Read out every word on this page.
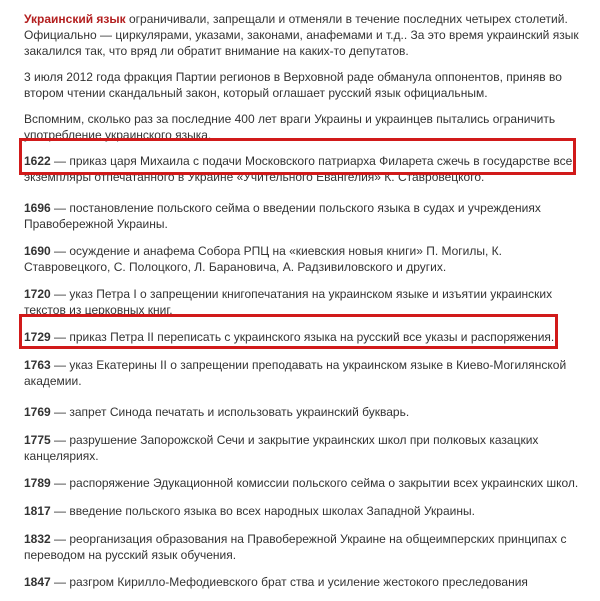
Украинский язык ограничивали, запрещали и отменяли в течение последних четырех столетий. Официально — циркулярами, указами, законами, анафемами и т.д.. За это время украинский язык закалился так, что вряд ли обратит внимание на каких-то депутатов.

3 июля 2012 года фракция Партии регионов в Верховной раде обманула оппонентов, приняв во втором чтении скандальный закон, который оглашает русский язык официальным.

Вспомним, сколько раз за последние 400 лет враги Украины и украинцев пытались ограничить употребление украинского языка.

1622 — приказ царя Михаила с подачи Московского патриарха Филарета сжечь в государстве все экземпляры отпечатанного в Украине «Учительного Евангелия» К. Ставровецкого.

1696 — постановление польского сейма о введении польского языка в судах и учреждениях Правобережной Украины.

1690 — осуждение и анафема Собора РПЦ на «киевския новыя книги» П. Могилы, К. Ставровецкого, С. Полоцкого, Л. Барановича, А. Радзивиловского и других.

1720 — указ Петра I о запрещении книгопечатания на украинском языке и изъятии украинских текстов из церковных книг.

1729 — приказ Петра II переписать с украинского языка на русский все указы и распоряжения.

1763 — указ Екатерины II о запрещении преподавать на украинском языке в Киево-Могилянской академии.

1769 — запрет Синода печатать и использовать украинский букварь.

1775 — разрушение Запорожской Сечи и закрытие украинских школ при полковых казацких канцеляриях.

1789 — распоряжение Эдукационной комиссии польского сейма о закрытии всех украинских школ.

1817 — введение польского языка во всех народных школах Западной Украины.

1832 — реорганизация образования на Правобережной Украине на общеимперских принципах с переводом на русский язык обучения.

1847 — разгром Кирилло-Мефодиевского брат ства и усиление жестокого преследования
